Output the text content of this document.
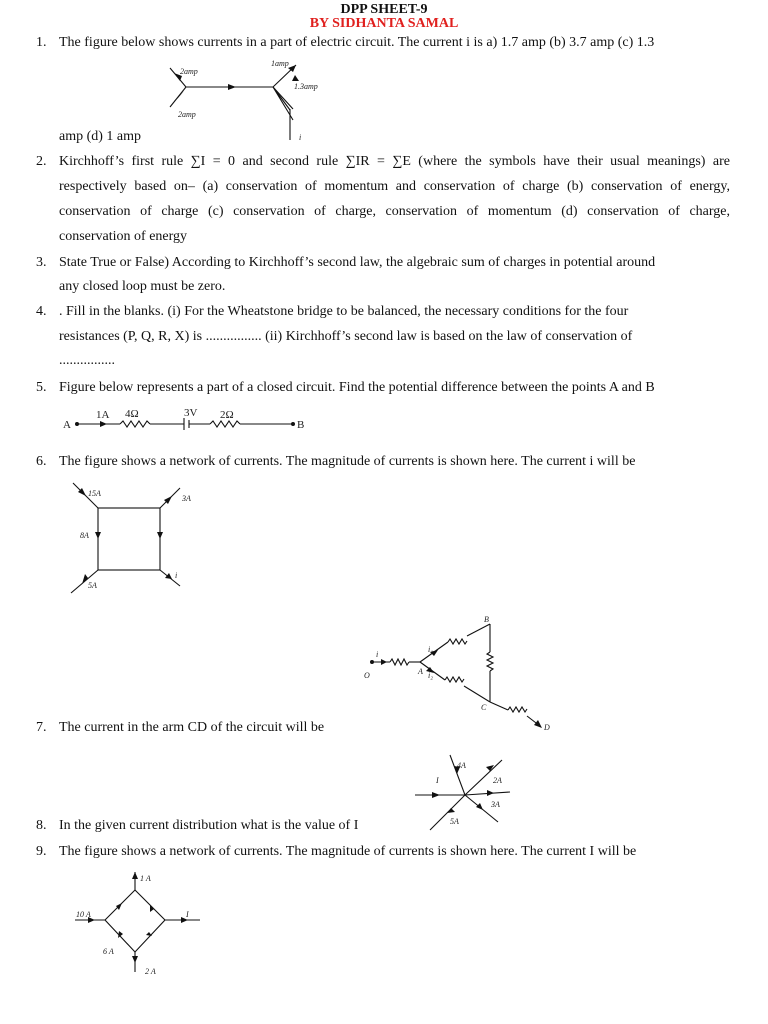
DPP SHEET-9
BY SIDHANTA SAMAL
1. The figure below shows currents in a part of electric circuit. The current i is a) 1.7 amp (b) 3.7 amp (c) 1.3
2amp
2amp
1amp
1.3amp
i
amp (d) 1 amp
2. Kirchhoff’s first rule ∑I = 0 and second rule ∑IR = ∑E (where the symbols have their usual meanings) are
respectively based on– (a) conservation of momentum and conservation of charge (b) conservation of energy,
conservation of charge (c) conservation of charge, conservation of momentum (d) conservation of charge,
conservation of energy
3. State True or False) According to Kirchhoff’s second law, the algebraic sum of charges in potential around
any closed loop must be zero.
4. . Fill in the blanks. (i) For the Wheatstone bridge to be balanced, the necessary conditions for the four
resistances (P, Q, R, X) is ................ (ii) Kirchhoff’s second law is based on the law of conservation of
................
5. Figure below represents a part of a closed circuit. Find the potential difference between the points A and B
A	B
1A 4Ω	3V 2Ω
6. The figure shows a network of currents. The magnitude of currents is shown here. The current i will be
15A
3A
8A
5A
i
O
i
i₁
i₂
A
B
C
D
7. The current in the arm CD of the circuit will be
4A
I	2A
3A
5A
8. In the given current distribution what is the value of I
9. The figure shows a network of currents. The magnitude of currents is shown here. The current I will be
1 A
10 A	I
6 A
2 A
